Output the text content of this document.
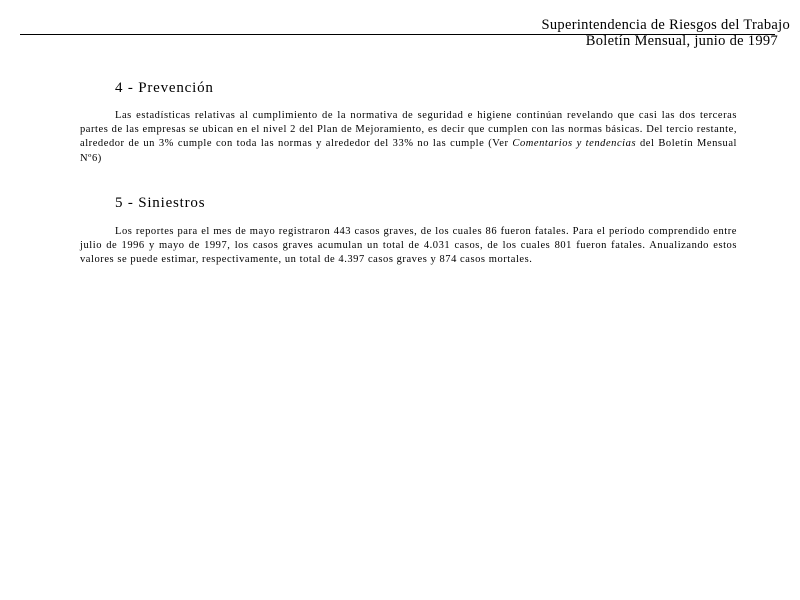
Superintendencia de Riesgos del Trabajo
Boletín Mensual, junio de 1997
4 - Prevención

Las estadísticas relativas al cumplimiento de la normativa de seguridad e higiene continúan revelando que casi las dos terceras partes de las empresas se ubican en el nivel 2 del Plan de Mejoramiento, es decir que cumplen con las normas básicas. Del tercio restante, alrededor de un 3% cumple con toda las normas y alrededor del 33% no las cumple (Ver Comentarios y tendencias del Boletín Mensual Nº6)

5 - Siniestros

Los reportes para el mes de mayo registraron 443 casos graves, de los cuales 86 fueron fatales. Para el período comprendido entre julio de 1996 y mayo de 1997, los casos graves acumulan un total de 4.031 casos, de los cuales 801 fueron fatales. Anualizando estos valores se puede estimar, respectivamente, un total de 4.397 casos graves y 874 casos mortales.
